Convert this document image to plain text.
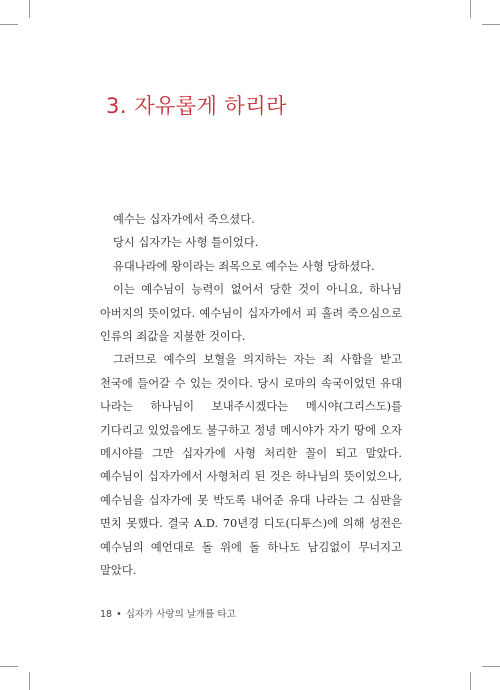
3. 자유롭게 하리라

예수는 십자가에서 죽으셨다.

당시 십자가는 사형 틀이었다.

유대나라에 왕이라는 죄목으로 예수는 사형 당하셨다.

이는 예수님이 능력이 없어서 당한 것이 아니요, 하나님 아버지의 뜻이었다. 예수님이 십자가에서 피 흘려 죽으심으로 인류의 죄값을 지불한 것이다.

그러므로 예수의 보혈을 의지하는 자는 죄 사함을 받고 천국에 들어갈 수 있는 것이다. 당시 로마의 속국이었던 유대 나라는 하나님이 보내주시겠다는 메시야(그리스도)를 기다리고 있었음에도 불구하고 정녕 메시야가 자기 땅에 오자 메시야를 그만 십자가에 사형 처리한 꼴이 되고 말았다. 예수님이 십자가에서 사형처리 된 것은 하나님의 뜻이었으나, 예수님을 십자가에 못 박도록 내어준 유대 나라는 그 심판을 면치 못했다. 결국 A.D. 70년경 디도(디투스)에 의해 성전은 예수님의 예언대로 돌 위에 돌 하나도 남김없이 무너지고 말았다.

18 • 십자가 사랑의 날개를 타고
